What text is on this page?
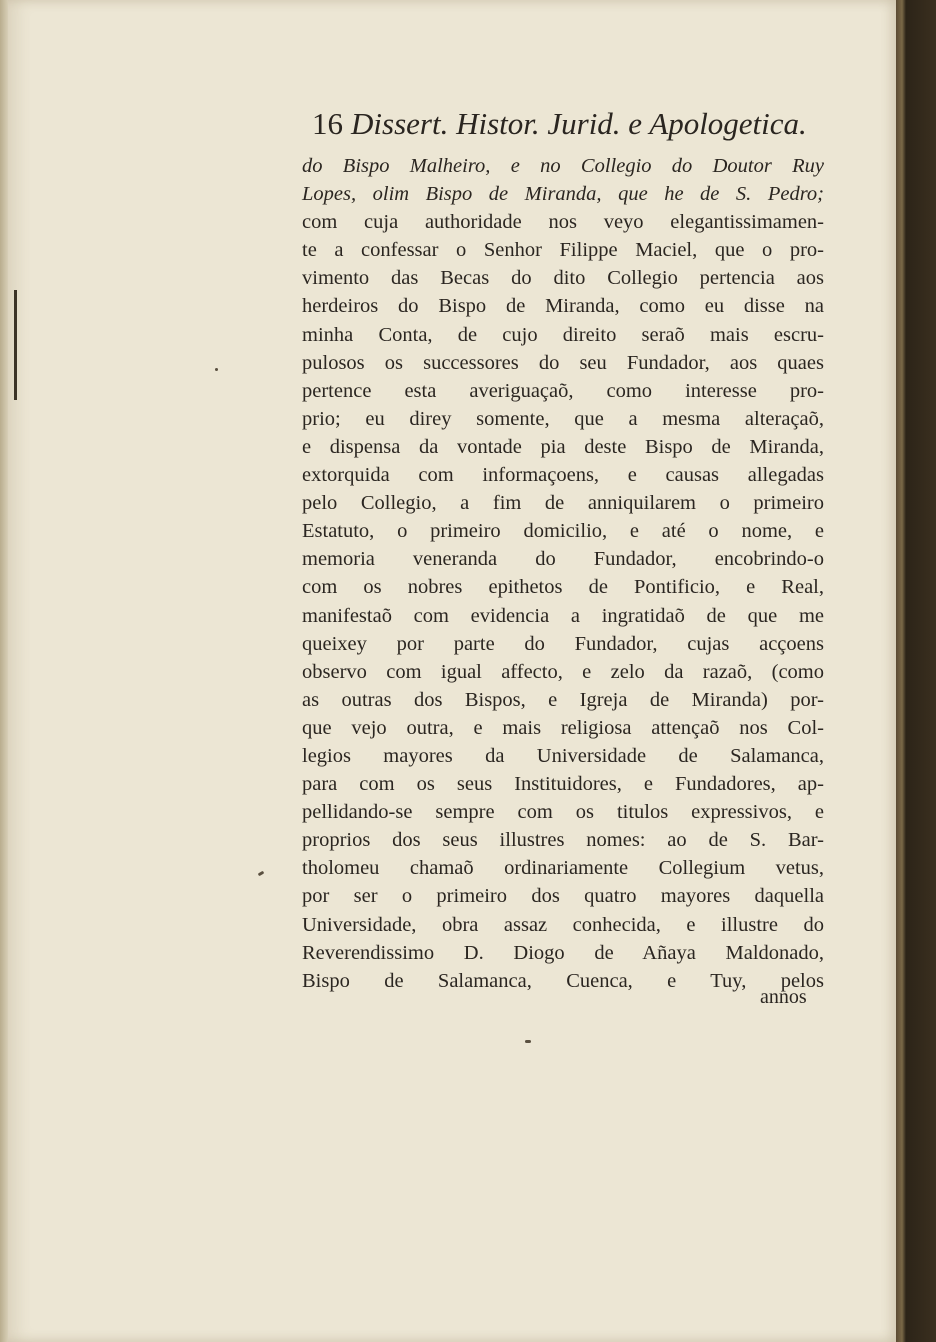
16 Dissert. Histor. Jurid. e Apologetica.
do Bispo Malheiro, e no Collegio do Doutor Ruy
Lopes, olim Bispo de Miranda, que he de S. Pedro;
com cuja authoridade nos veyo elegantissimamen-
te a confessar o Senhor Filippe Maciel, que o pro-
vimento das Becas do dito Collegio pertencia aos
herdeiros do Bispo de Miranda, como eu disse na
minha Conta, de cujo direito seraõ mais escru-
pulosos os successores do seu Fundador, aos quaes
pertence esta averiguaçaõ, como interesse pro-
prio; eu direy somente, que a mesma alteraçaõ,
e dispensa da vontade pia deste Bispo de Miranda,
extorquida com informaçoens, e causas allegadas
pelo Collegio, a fim de anniquilarem o primeiro
Estatuto, o primeiro domicilio, e até o nome, e
memoria veneranda do Fundador, encobrindo-o
com os nobres epithetos de Pontificio, e Real,
manifestaõ com evidencia a ingratidaõ de que me
queixey por parte do Fundador, cujas acçoens
observo com igual affecto, e zelo da razaõ, (como
as outras dos Bispos, e Igreja de Miranda) por-
que vejo outra, e mais religiosa attençaõ nos Col-
legios mayores da Universidade de Salamanca,
para com os seus Instituidores, e Fundadores, ap-
pellidando-se sempre com os titulos expressivos, e
proprios dos seus illustres nomes: ao de S. Bar-
tholomeu chamaõ ordinariamente Collegium vetus,
por ser o primeiro dos quatro mayores daquella
Universidade, obra assaz conhecida, e illustre do
Reverendissimo D. Diogo de Añaya Maldonado,
Bispo de Salamanca, Cuenca, e Tuy, pelos
annos
